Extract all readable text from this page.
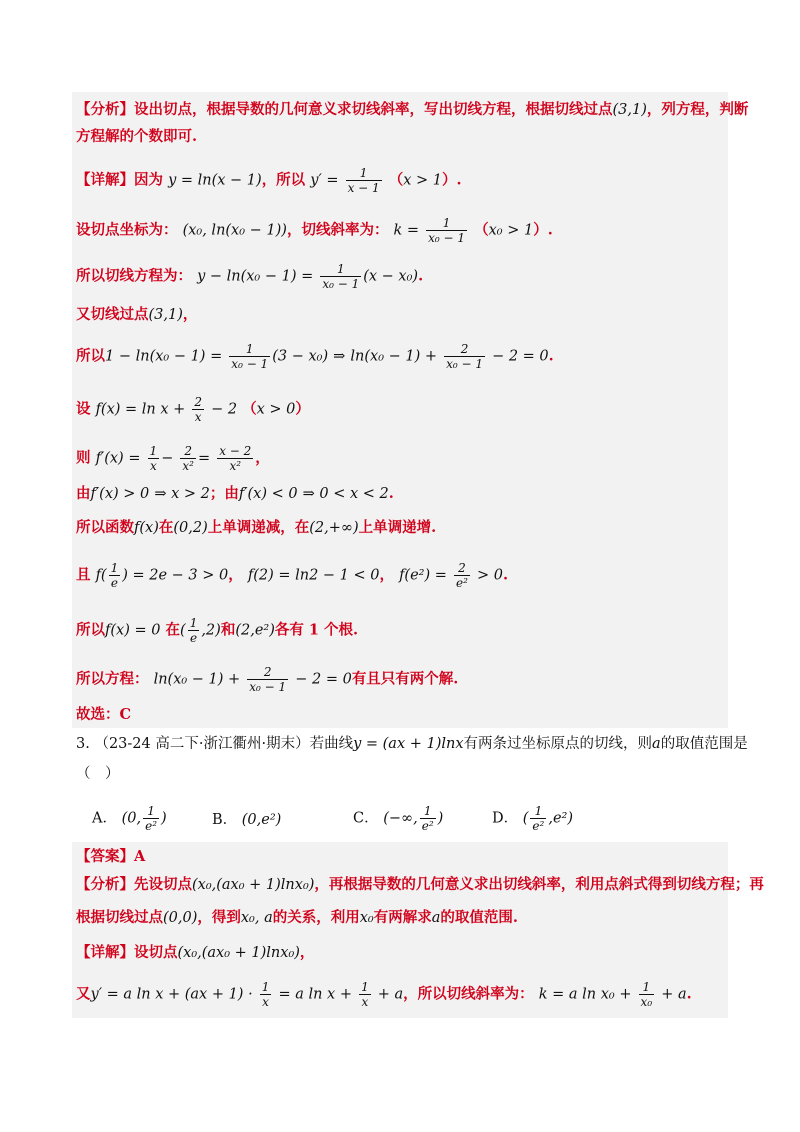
【分析】设出切点，根据导数的几何意义求切线斜率，写出切线方程，根据切线过点(3,1)，列方程，判断
方程解的个数即可.
【详解】因为 y = ln(x − 1)，所以 $y' = \frac{1}{x - 1} (x > 1)$.
设切点坐标为： (x₀, ln(x₀ − 1))，切线斜率为： $k = \frac{1}{\text{x₀ − 1}} (x_0 > 1)$.
所以切线方程为： $y - \ln(x_0 - 1) = \frac{1}{\text{x₀ − 1}} (x - x_0)$.
又切线过点(3,1)，
所以$1 - \ln(x_0 - 1) = \frac{1}{\text{x₀ − 1}} (3 - x_0)$ ⇒ $\ln(x_0 - 1) + \frac{2}{\text{x₀ − 1}} - 2 = 0$.
设 $f(x) = \ln x + \frac{2}{x} - 2$ （x > 0）
则 $f'(x) = \frac{1}{x} - \frac{2}{\text{x²}} = \frac{x - 2}{\text{x²}}$ ，
由f′(x) > 0 ⇒ x > 2；由f′(x) < 0 ⇒ 0 < x < 2.
所以函数f(x)在(0,2)上单调递减，在(2,+∞)上单调递增.
且 $f( \frac{1}{e}$ ) = 2e − 3 > 0， f(2) = ln2 − 1 < 0， $f(e^2) = \frac{2}{\text{e²}} > 0$.
所以f(x) = 0 在( $\frac{1}{e} ,2$)和(2,e²)各有 1 个根.
所以方程： $\ln(x_0 - 1) + \frac{2}{\text{x₀ − 1}} - 2 = 0$有且只有两个解.
故选：C
3. （23-24 高二下·浙江衢州·期末）若曲线y = (ax + 1)lnx有两条过坐标原点的切线，则a的取值范围是
（　）
A． (0, $\frac{1}{\text{e²}}$ )	B． (0,e²)	C． (−∞, $\frac{1}{\text{e²}}$ )	D． ( $\frac{1}{\text{e²}} ,e^2$)
【答案】A
【分析】先设切点(x₀,(ax₀ + 1)lnx₀)，再根据导数的几何意义求出切线斜率，利用点斜式得到切线方程；再
根据切线过点(0,0)，得到x₀, a的关系，利用x₀有两解求a的取值范围.
【详解】设切点(x₀,(ax₀ + 1)lnx₀)，
又y′ = a $\ln x + (ax + 1) \cdot \frac{1}{x} = a$ $\ln x + \frac{1}{x} + a$，所以切线斜率为： k = a $\ln x_0 + \frac{1}{\text{x₀}} + a$.
